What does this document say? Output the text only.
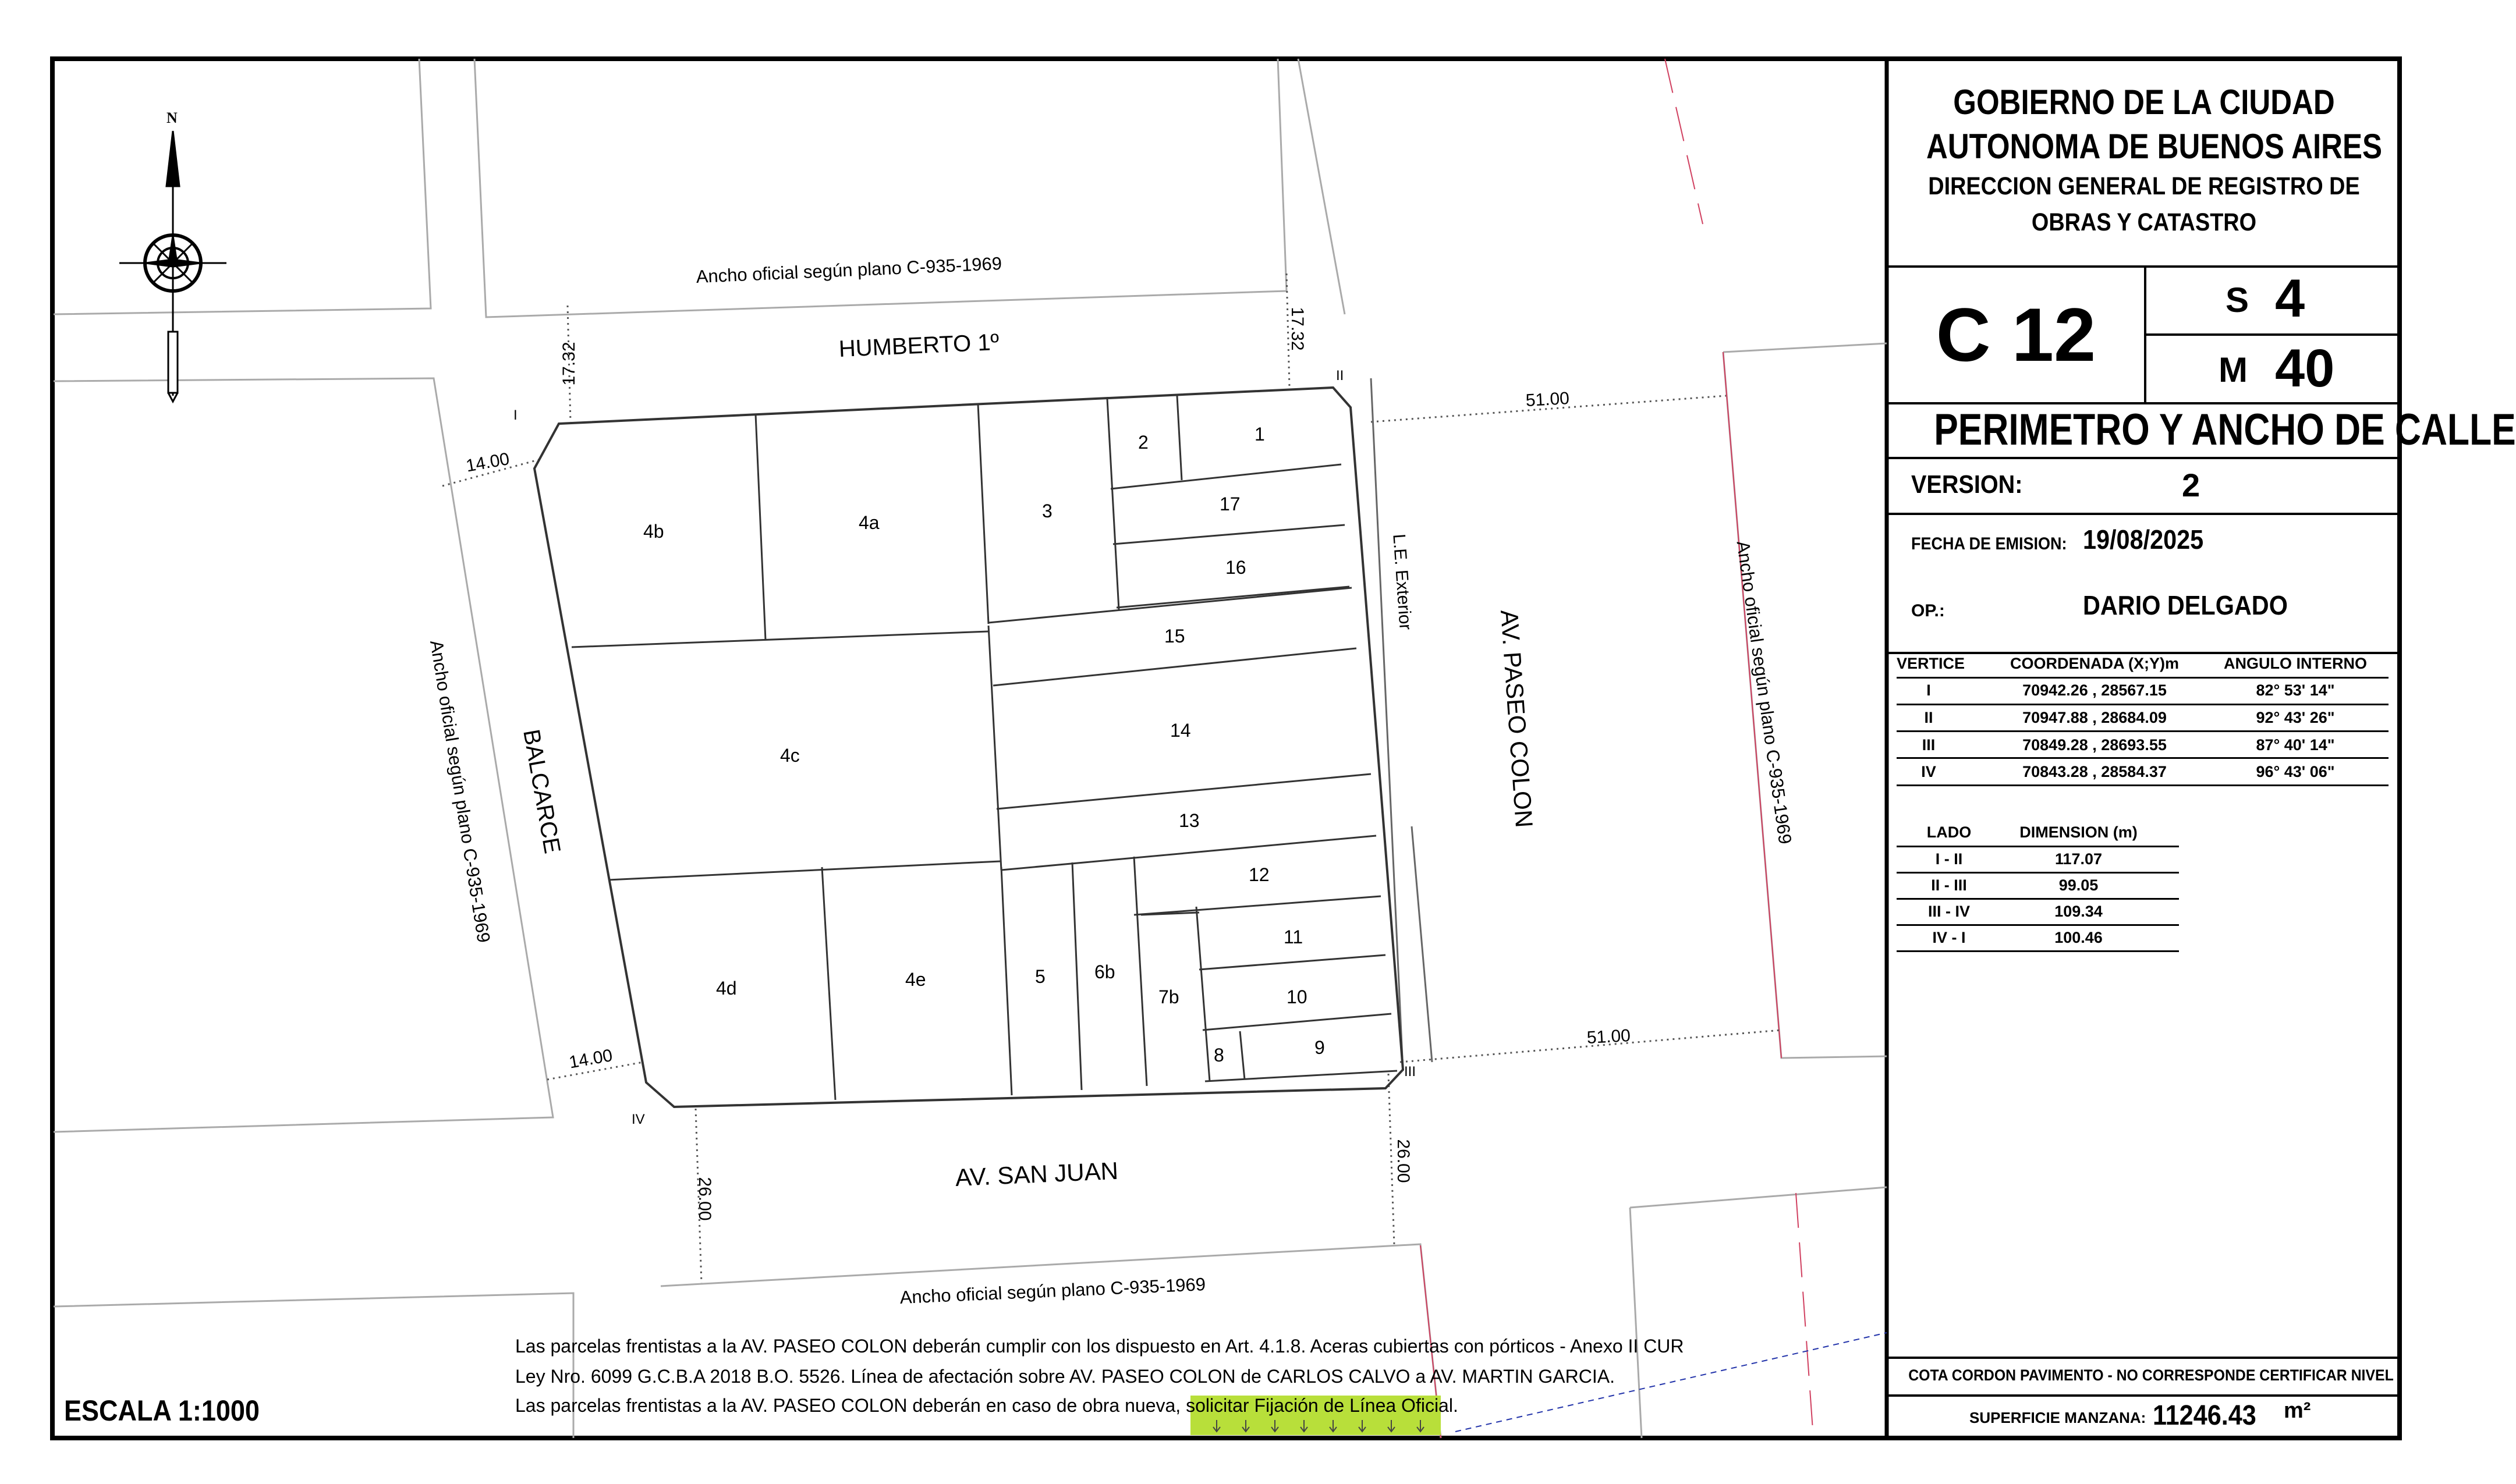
N
HUMBERTO 1º
BALCARCE	AV. PASEO COLON
AV. SAN JUAN
Ancho oficial según plano C-935-1969
Ancho oficial según plano C-935-1969	Ancho oficial según plano C-935-1969
Ancho oficial según plano C-935-1969
L.E. Exterior
17.32
17.32
14.00
14.00
51.00
51.00
26.00
26.00
I
II
III
IV
4b	4a
3
2	1
17
16
15
4c
14
13
12
11
10
9
8
7b
6b
5
4e
4d
ESCALA 1:1000
Las parcelas frentistas a la AV. PASEO COLON deberán cumplir con los dispuesto en Art. 4.1.8. Aceras cubiertas con pórticos - Anexo II CUR
Ley Nro. 6099 G.C.B.A 2018 B.O. 5526. Línea de afectación sobre AV. PASEO COLON de CARLOS CALVO a AV. MARTIN GARCIA.
Las parcelas frentistas a la AV. PASEO COLON deberán en caso de obra nueva, solicitar Fijación de Línea Oficial.
GOBIERNO DE LA CIUDAD
AUTONOMA DE BUENOS AIRES
DIRECCION GENERAL DE REGISTRO DE
OBRAS Y CATASTRO
C 12	S 4
M 40
PERIMETRO Y ANCHO DE CALLE
VERSION:	2
FECHA DE EMISION: 19/08/2025
OP.:	DARIO DELGADO
VERTICE	COORDENADA (X;Y)m	ANGULO INTERNO
I	70942.26 , 28567.15	82° 53' 14"
II	70947.88 , 28684.09	92° 43' 26"
III	70849.28 , 28693.55	87° 40' 14"
IV	70843.28 , 28584.37	96° 43' 06"
LADO	DIMENSION (m)
I - II	117.07
II - III	99.05
III - IV	109.34
IV - I	100.46
COTA CORDON PAVIMENTO - NO CORRESPONDE CERTIFICAR NIVEL
SUPERFICIE MANZANA: 11246.43 m²
